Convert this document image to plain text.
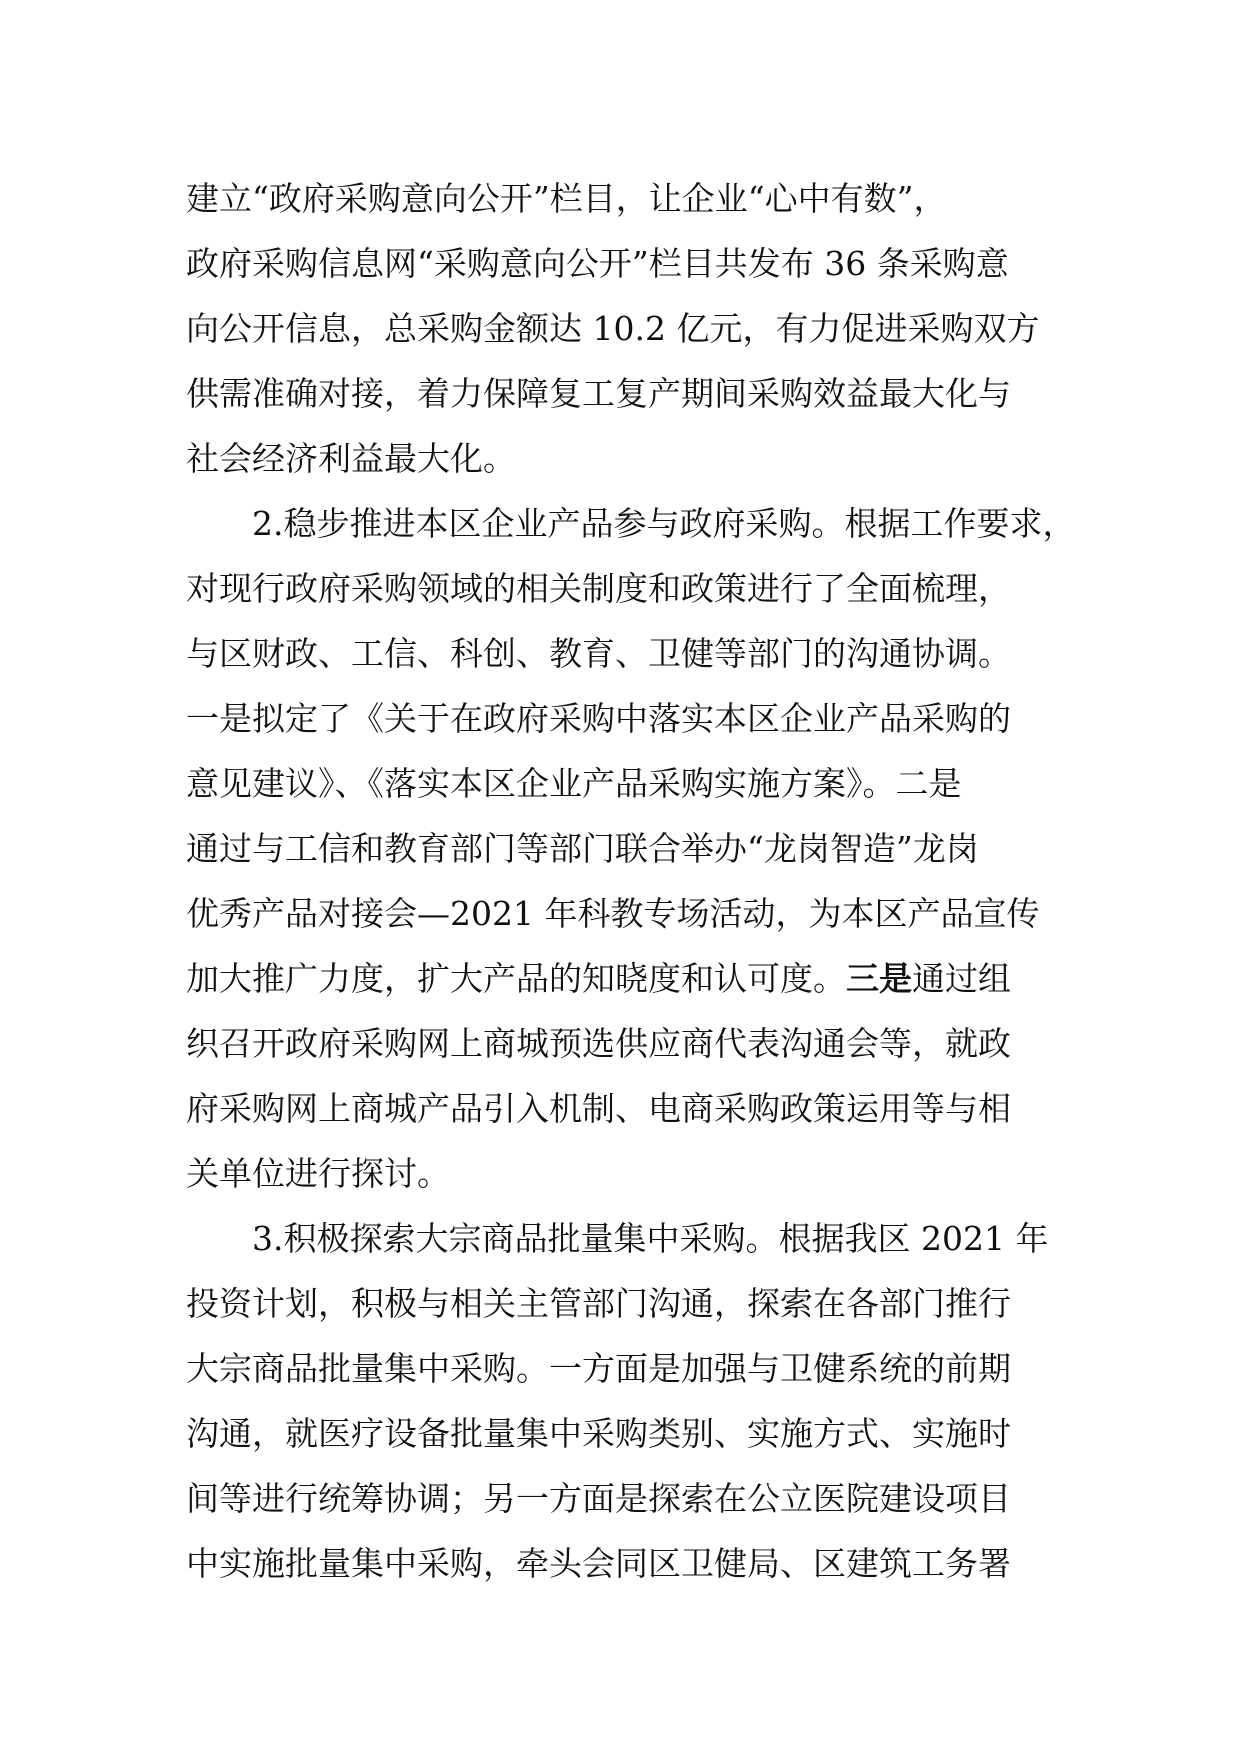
建立“政府采购意向公开”栏目，让企业“心中有数”，
政府采购信息网“采购意向公开”栏目共发布 36 条采购意
向公开信息，总采购金额达 10.2 亿元，有力促进采购双方
供需准确对接，着力保障复工复产期间采购效益最大化与
社会经济利益最大化。
2.稳步推进本区企业产品参与政府采购。根据工作要求，
对现行政府采购领域的相关制度和政策进行了全面梳理，
与区财政、工信、科创、教育、卫健等部门的沟通协调。
一是拟定了《关于在政府采购中落实本区企业产品采购的
意见建议》、《落实本区企业产品采购实施方案》。二是
通过与工信和教育部门等部门联合举办“龙岗智造”龙岗
优秀产品对接会—2021 年科教专场活动，为本区产品宣传
加大推广力度，扩大产品的知晓度和认可度。三是通过组
织召开政府采购网上商城预选供应商代表沟通会等，就政
府采购网上商城产品引入机制、电商采购政策运用等与相
关单位进行探讨。
3.积极探索大宗商品批量集中采购。根据我区 2021 年
投资计划，积极与相关主管部门沟通，探索在各部门推行
大宗商品批量集中采购。一方面是加强与卫健系统的前期
沟通，就医疗设备批量集中采购类别、实施方式、实施时
间等进行统筹协调；另一方面是探索在公立医院建设项目
中实施批量集中采购，牵头会同区卫健局、区建筑工务署
